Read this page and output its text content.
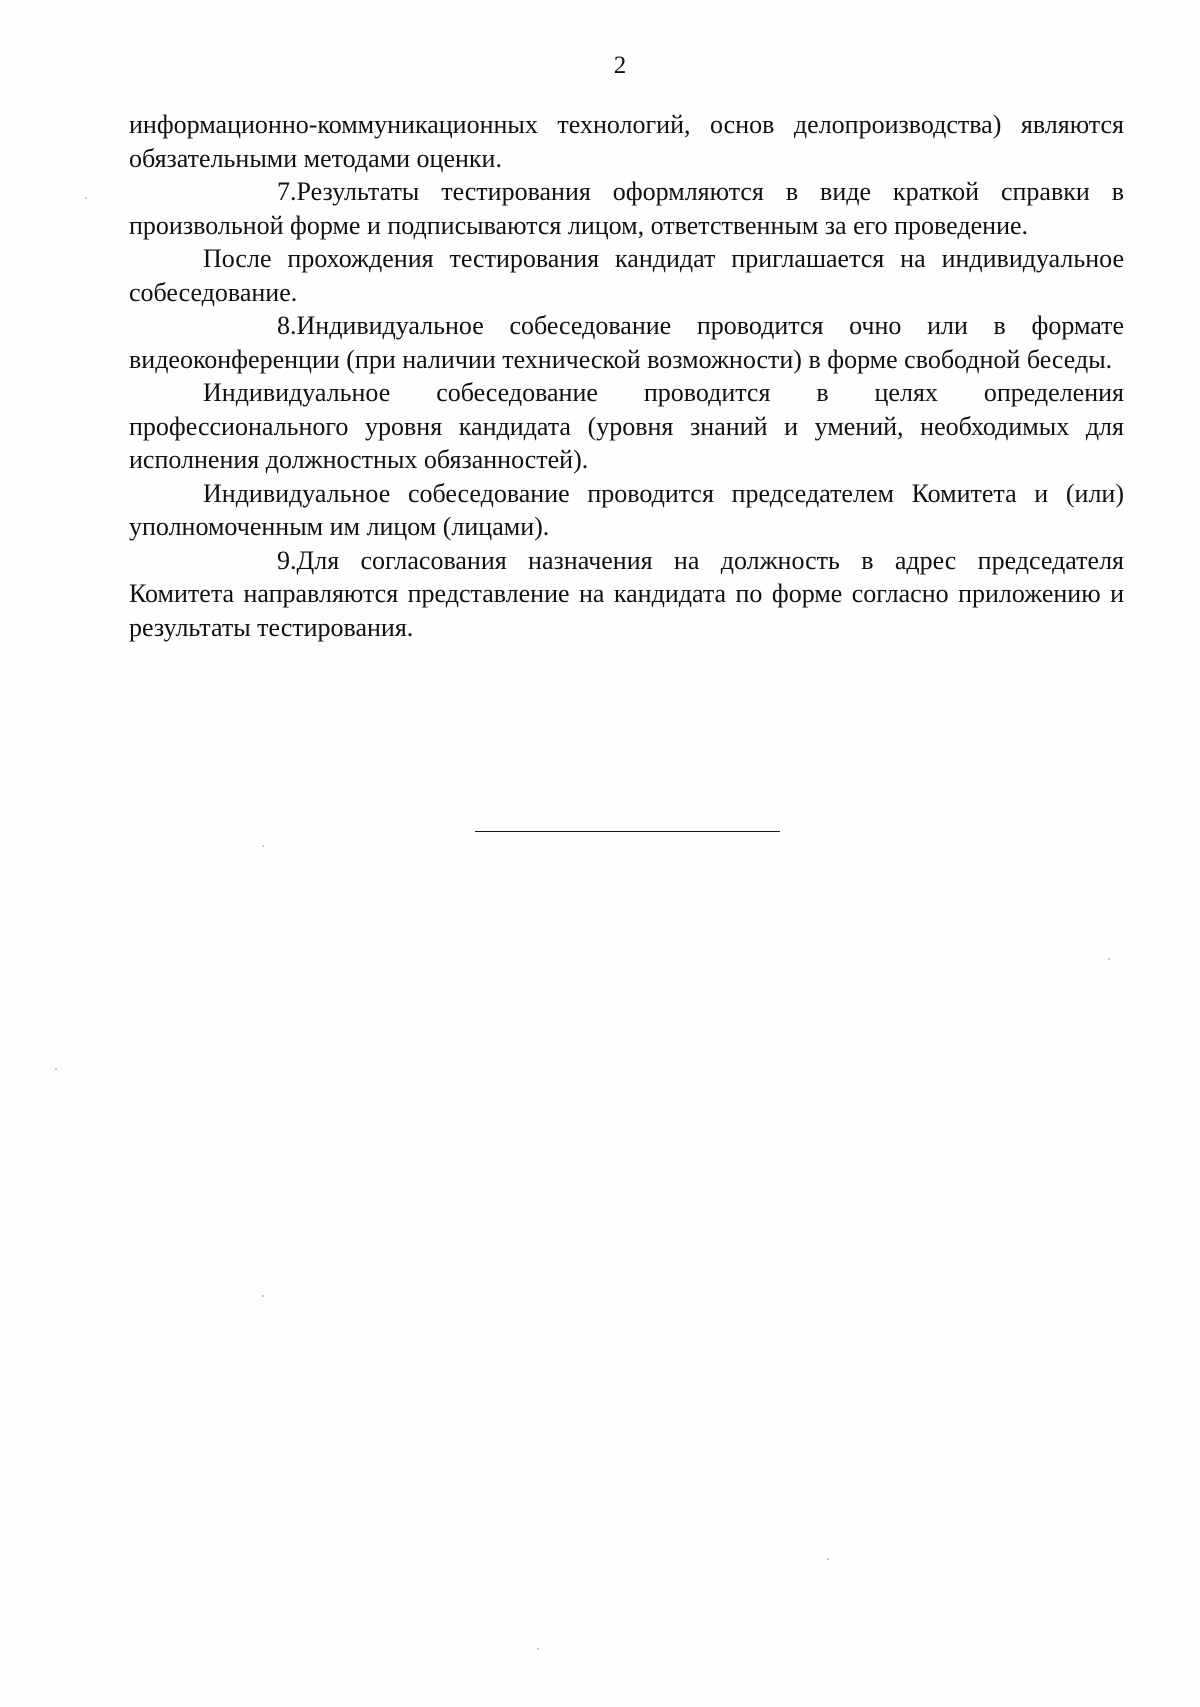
2

информационно-коммуникационных технологий, основ делопроизводства) являются обязательными методами оценки.

7.Результаты тестирования оформляются в виде краткой справки в произвольной форме и подписываются лицом, ответственным за его проведение.

После прохождения тестирования кандидат приглашается на индивидуальное собеседование.

8.Индивидуальное собеседование проводится очно или в формате видеоконференции (при наличии технической возможности) в форме свободной беседы.

Индивидуальное собеседование проводится в целях определения профессионального уровня кандидата (уровня знаний и умений, необходимых для исполнения должностных обязанностей).

Индивидуальное собеседование проводится председателем Комитета и (или) уполномоченным им лицом (лицами).

9.Для согласования назначения на должность в адрес председателя Комитета направляются представление на кандидата по форме согласно приложению и результаты тестирования.
